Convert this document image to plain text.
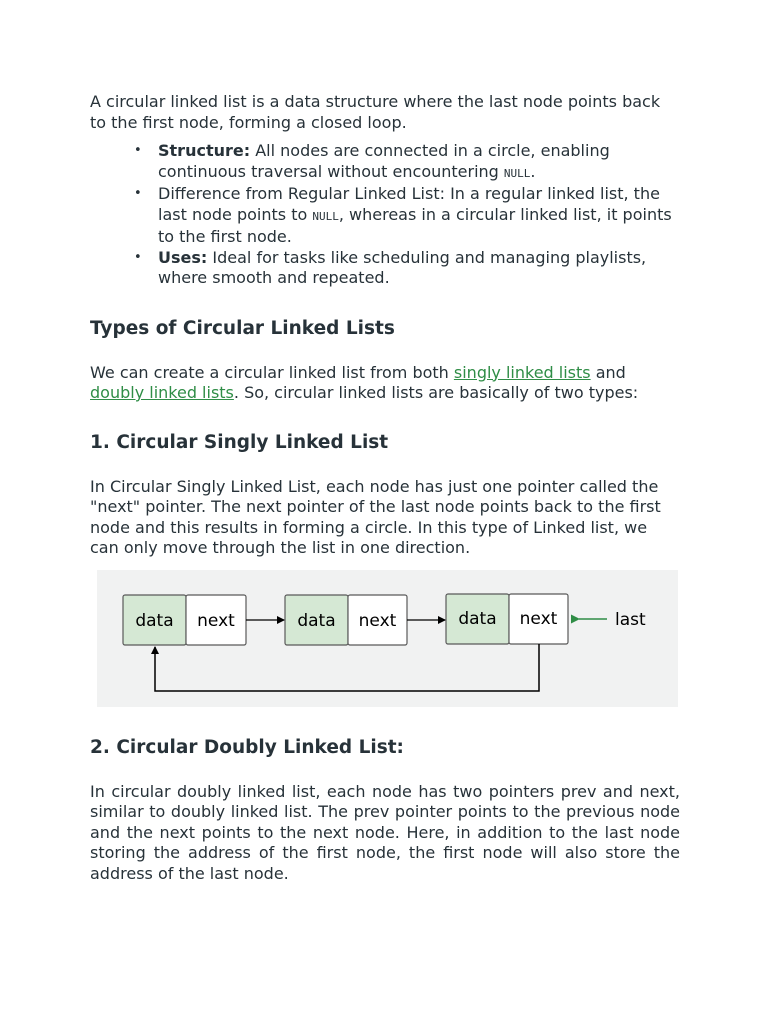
A circular linked list is a data structure where the last node points back to the first node, forming a closed loop.

• Structure: All nodes are connected in a circle, enabling continuous traversal without encountering NULL.
• Difference from Regular Linked List: In a regular linked list, the last node points to NULL, whereas in a circular linked list, it points to the first node.
• Uses: Ideal for tasks like scheduling and managing playlists, where smooth and repeated.
Types of Circular Linked Lists

We can create a circular linked list from both singly linked lists and doubly linked lists. So, circular linked lists are basically of two types:

1. Circular Singly Linked List

In Circular Singly Linked List, each node has just one pointer called the "next" pointer. The next pointer of the last node points back to the first node and this results in forming a circle. In this type of Linked list, we can only move through the list in one direction.

data next	data next	data next	last
2. Circular Doubly Linked List:

In circular doubly linked list, each node has two pointers prev and next, similar to doubly linked list. The prev pointer points to the previous node and the next points to the next node. Here, in addition to the last node storing the address of the first node, the first node will also store the address of the last node.
